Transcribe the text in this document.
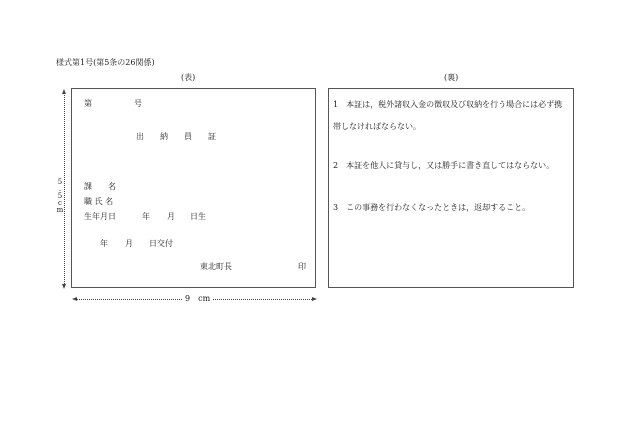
様式第1号(第5条の26関係)
(表)	(裏)
第	号
出　　納　　員　　証
課　　名
職 氏 名
生年月日	年 月 日生
年 月 日交付
東北町長	印
1　本証は，税外諸収入金の徴収及び収納を行う場合には必ず携
帯しなければならない。
2　本証を他人に貸与し，又は勝手に書き直してはならない。
3　この事務を行わなくなったときは，返却すること。
5.5cm
9　cm
